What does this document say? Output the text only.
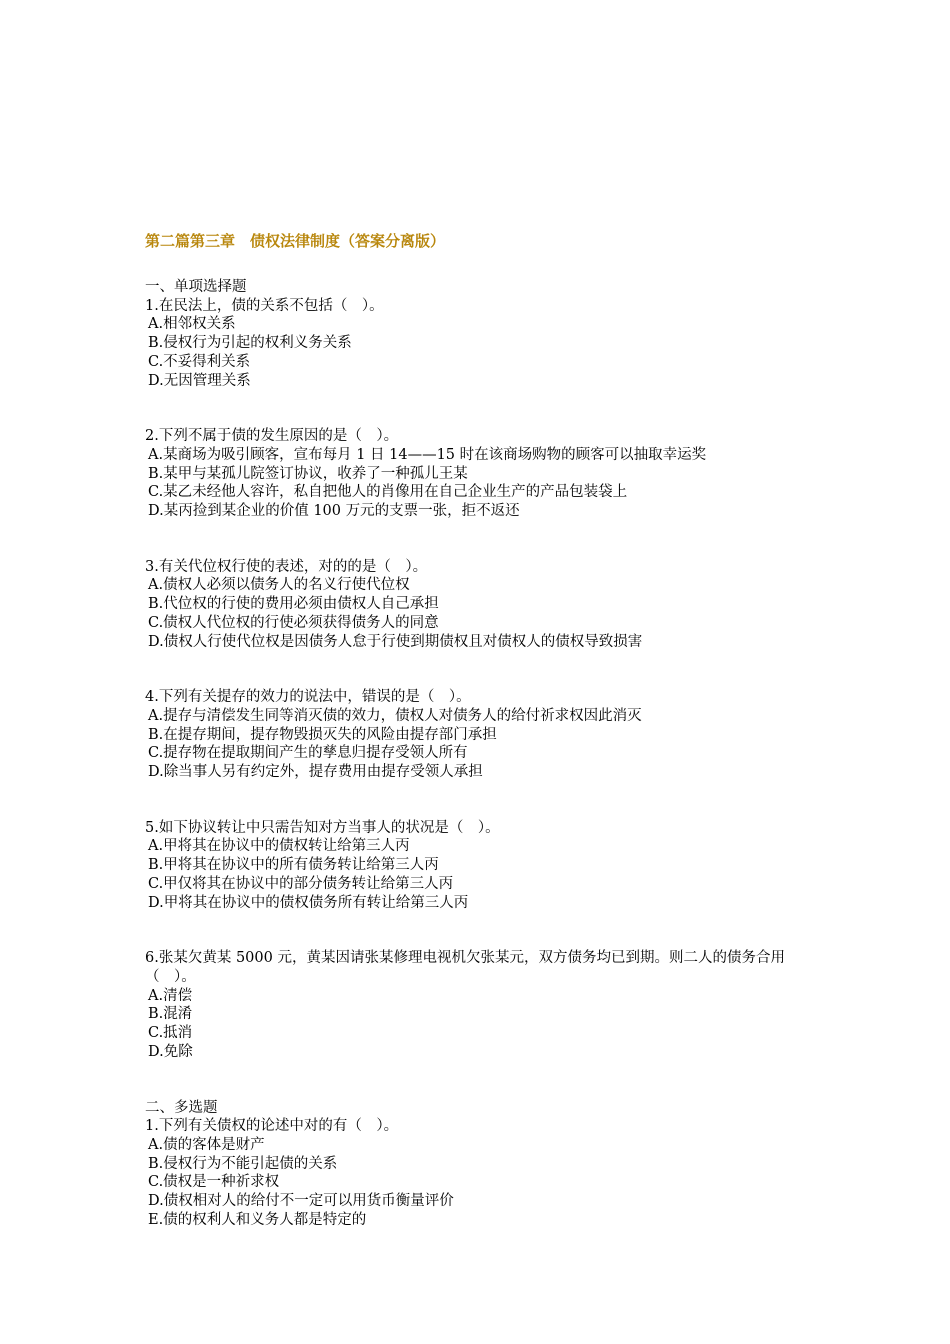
第二篇第三章　债权法律制度（答案分离版）
一、单项选择题
1.在民法上，债的关系不包括（　）。
A.相邻权关系
B.侵权行为引起的权利义务关系
C.不妥得利关系
D.无因管理关系
2.下列不属于债的发生原因的是（　）。
A.某商场为吸引顾客，宣布每月 1 日 14——15 时在该商场购物的顾客可以抽取幸运奖
B.某甲与某孤儿院签订协议，收养了一种孤儿王某
C.某乙未经他人容许，私自把他人的肖像用在自己企业生产的产品包装袋上
D.某丙捡到某企业的价值 100 万元的支票一张，拒不返还
3.有关代位权行使的表述，对的的是（　）。
A.债权人必须以债务人的名义行使代位权
B.代位权的行使的费用必须由债权人自己承担
C.债权人代位权的行使必须获得债务人的同意
D.债权人行使代位权是因债务人怠于行使到期债权且对债权人的债权导致损害
4.下列有关提存的效力的说法中，错误的是（　）。
A.提存与清偿发生同等消灭债的效力，债权人对债务人的给付祈求权因此消灭
B.在提存期间，提存物毁损灭失的风险由提存部门承担
C.提存物在提取期间产生的孳息归提存受领人所有
D.除当事人另有约定外，提存费用由提存受领人承担
5.如下协议转让中只需告知对方当事人的状况是（　）。
A.甲将其在协议中的债权转让给第三人丙
B.甲将其在协议中的所有债务转让给第三人丙
C.甲仅将其在协议中的部分债务转让给第三人丙
D.甲将其在协议中的债权债务所有转让给第三人丙
6.张某欠黄某 5000 元，黄某因请张某修理电视机欠张某元，双方债务均已到期。则二人的债务合用（　）。
A.清偿
B.混淆
C.抵消
D.免除
二、多选题
1.下列有关债权的论述中对的有（　）。
A.债的客体是财产
B.侵权行为不能引起债的关系
C.债权是一种祈求权
D.债权相对人的给付不一定可以用货币衡量评价
E.债的权利人和义务人都是特定的
